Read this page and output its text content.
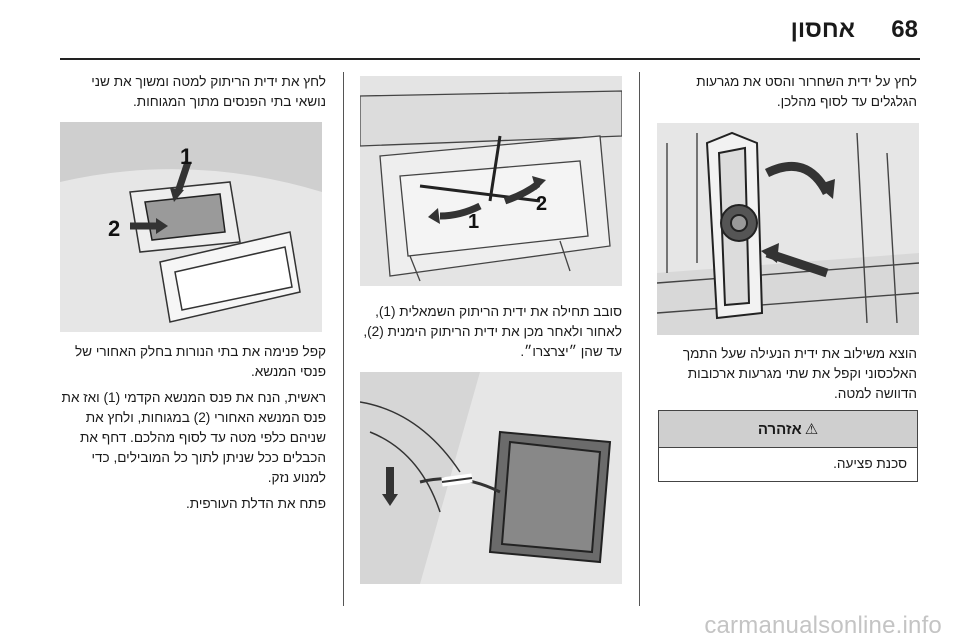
אחסון 68

לחץ על ידית השחרור והסט את מגרעות הגלגלים עד לסוף מהלכן.

הוצא משילוב את ידית הנעילה שעל התמך האלכסוני וקפל את שתי מגרעות ארכובות הדוושה למטה.

⚠
אזהרה
סכנת פציעה.
1
2

סובב תחילה את ידית הריתוק השמאלית (1), לאחור ולאחר מכן את ידית הריתוק הימנית (2), עד שהן ״יצרצרו״.

לחץ את ידית הריתוק למטה ומשוך את שני נושאי בתי הפנסים מתוך המגוחות.

1
2

קפל פנימה את בתי הנורות בחלק האחורי של פנסי המנשא.

ראשית, הנח את פנס המנשא הקדמי (1) ואז את פנס המנשא האחורי (2) במגוחות, ולחץ את שניהם כלפי מטה עד לסוף מהלכם. דחף את הכבלים ככל שניתן לתוך כל המובילים, כדי למנוע נזק.

פתח את הדלת העורפית.

carmanualsonline.info
